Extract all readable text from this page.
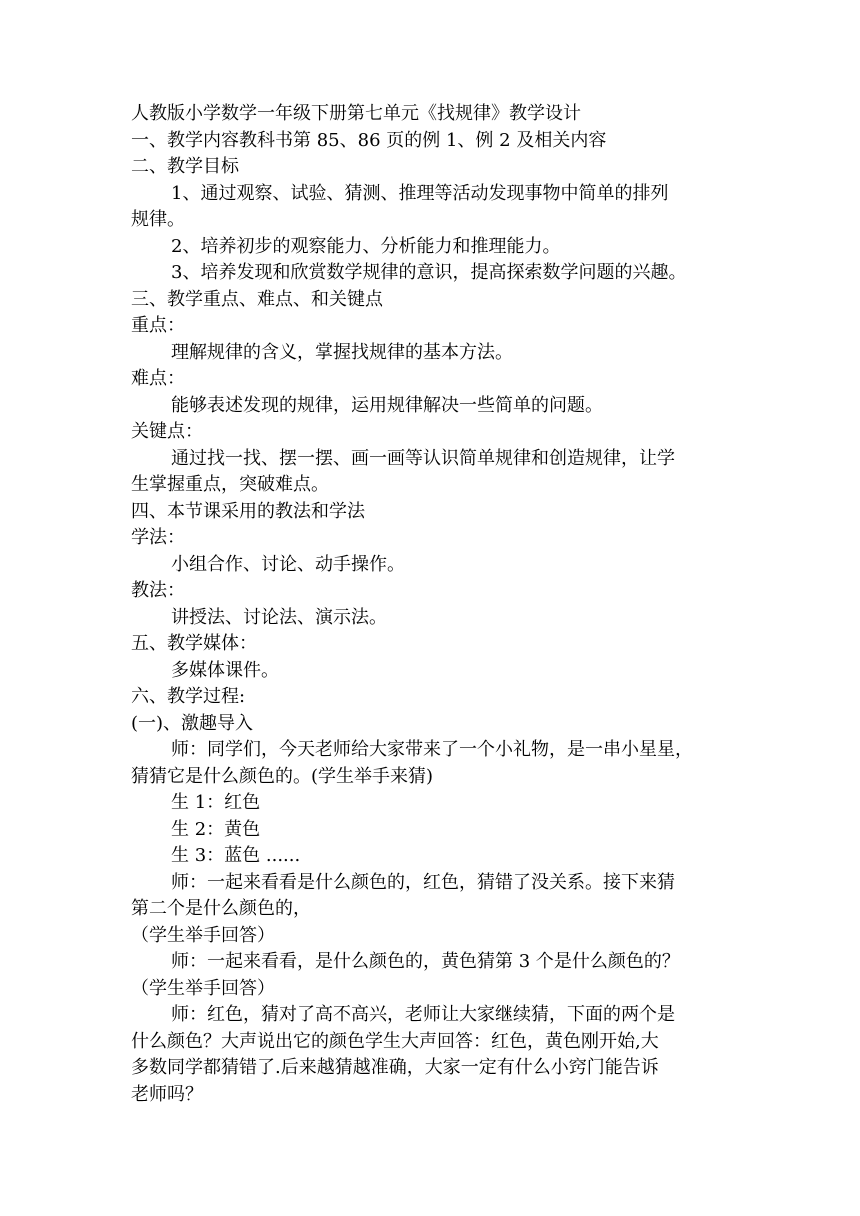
人教版小学数学一年级下册第七单元《找规律》教学设计
一、教学内容教科书第 85、86 页的例 1、例 2 及相关内容
二、教学目标
1、通过观察、试验、猜测、推理等活动发现事物中简单的排列
规律。
2、培养初步的观察能力、分析能力和推理能力。
3、培养发现和欣赏数学规律的意识，提高探索数学问题的兴趣。
三、教学重点、难点、和关键点
重点：
理解规律的含义，掌握找规律的基本方法。
难点：
能够表述发现的规律，运用规律解决一些简单的问题。
关键点：
通过找一找、摆一摆、画一画等认识简单规律和创造规律，让学
生掌握重点，突破难点。
四、本节课采用的教法和学法
学法：
小组合作、讨论、动手操作。
教法：
讲授法、讨论法、演示法。
五、教学媒体：
多媒体课件。
六、教学过程:
(一)、激趣导入
师：同学们，今天老师给大家带来了一个小礼物，是一串小星星，
猜猜它是什么颜色的。(学生举手来猜)
生 1：红色
生 2：黄色
生 3：蓝色 ......
师：一起来看看是什么颜色的，红色，猜错了没关系。接下来猜
第二个是什么颜色的，
（学生举手回答）
师：一起来看看，是什么颜色的，黄色猜第 3 个是什么颜色的？
（学生举手回答）
师：红色，猜对了高不高兴，老师让大家继续猜，下面的两个是
什么颜色？大声说出它的颜色学生大声回答：红色，黄色刚开始,大
多数同学都猜错了.后来越猜越准确，大家一定有什么小窍门能告诉
老师吗？
